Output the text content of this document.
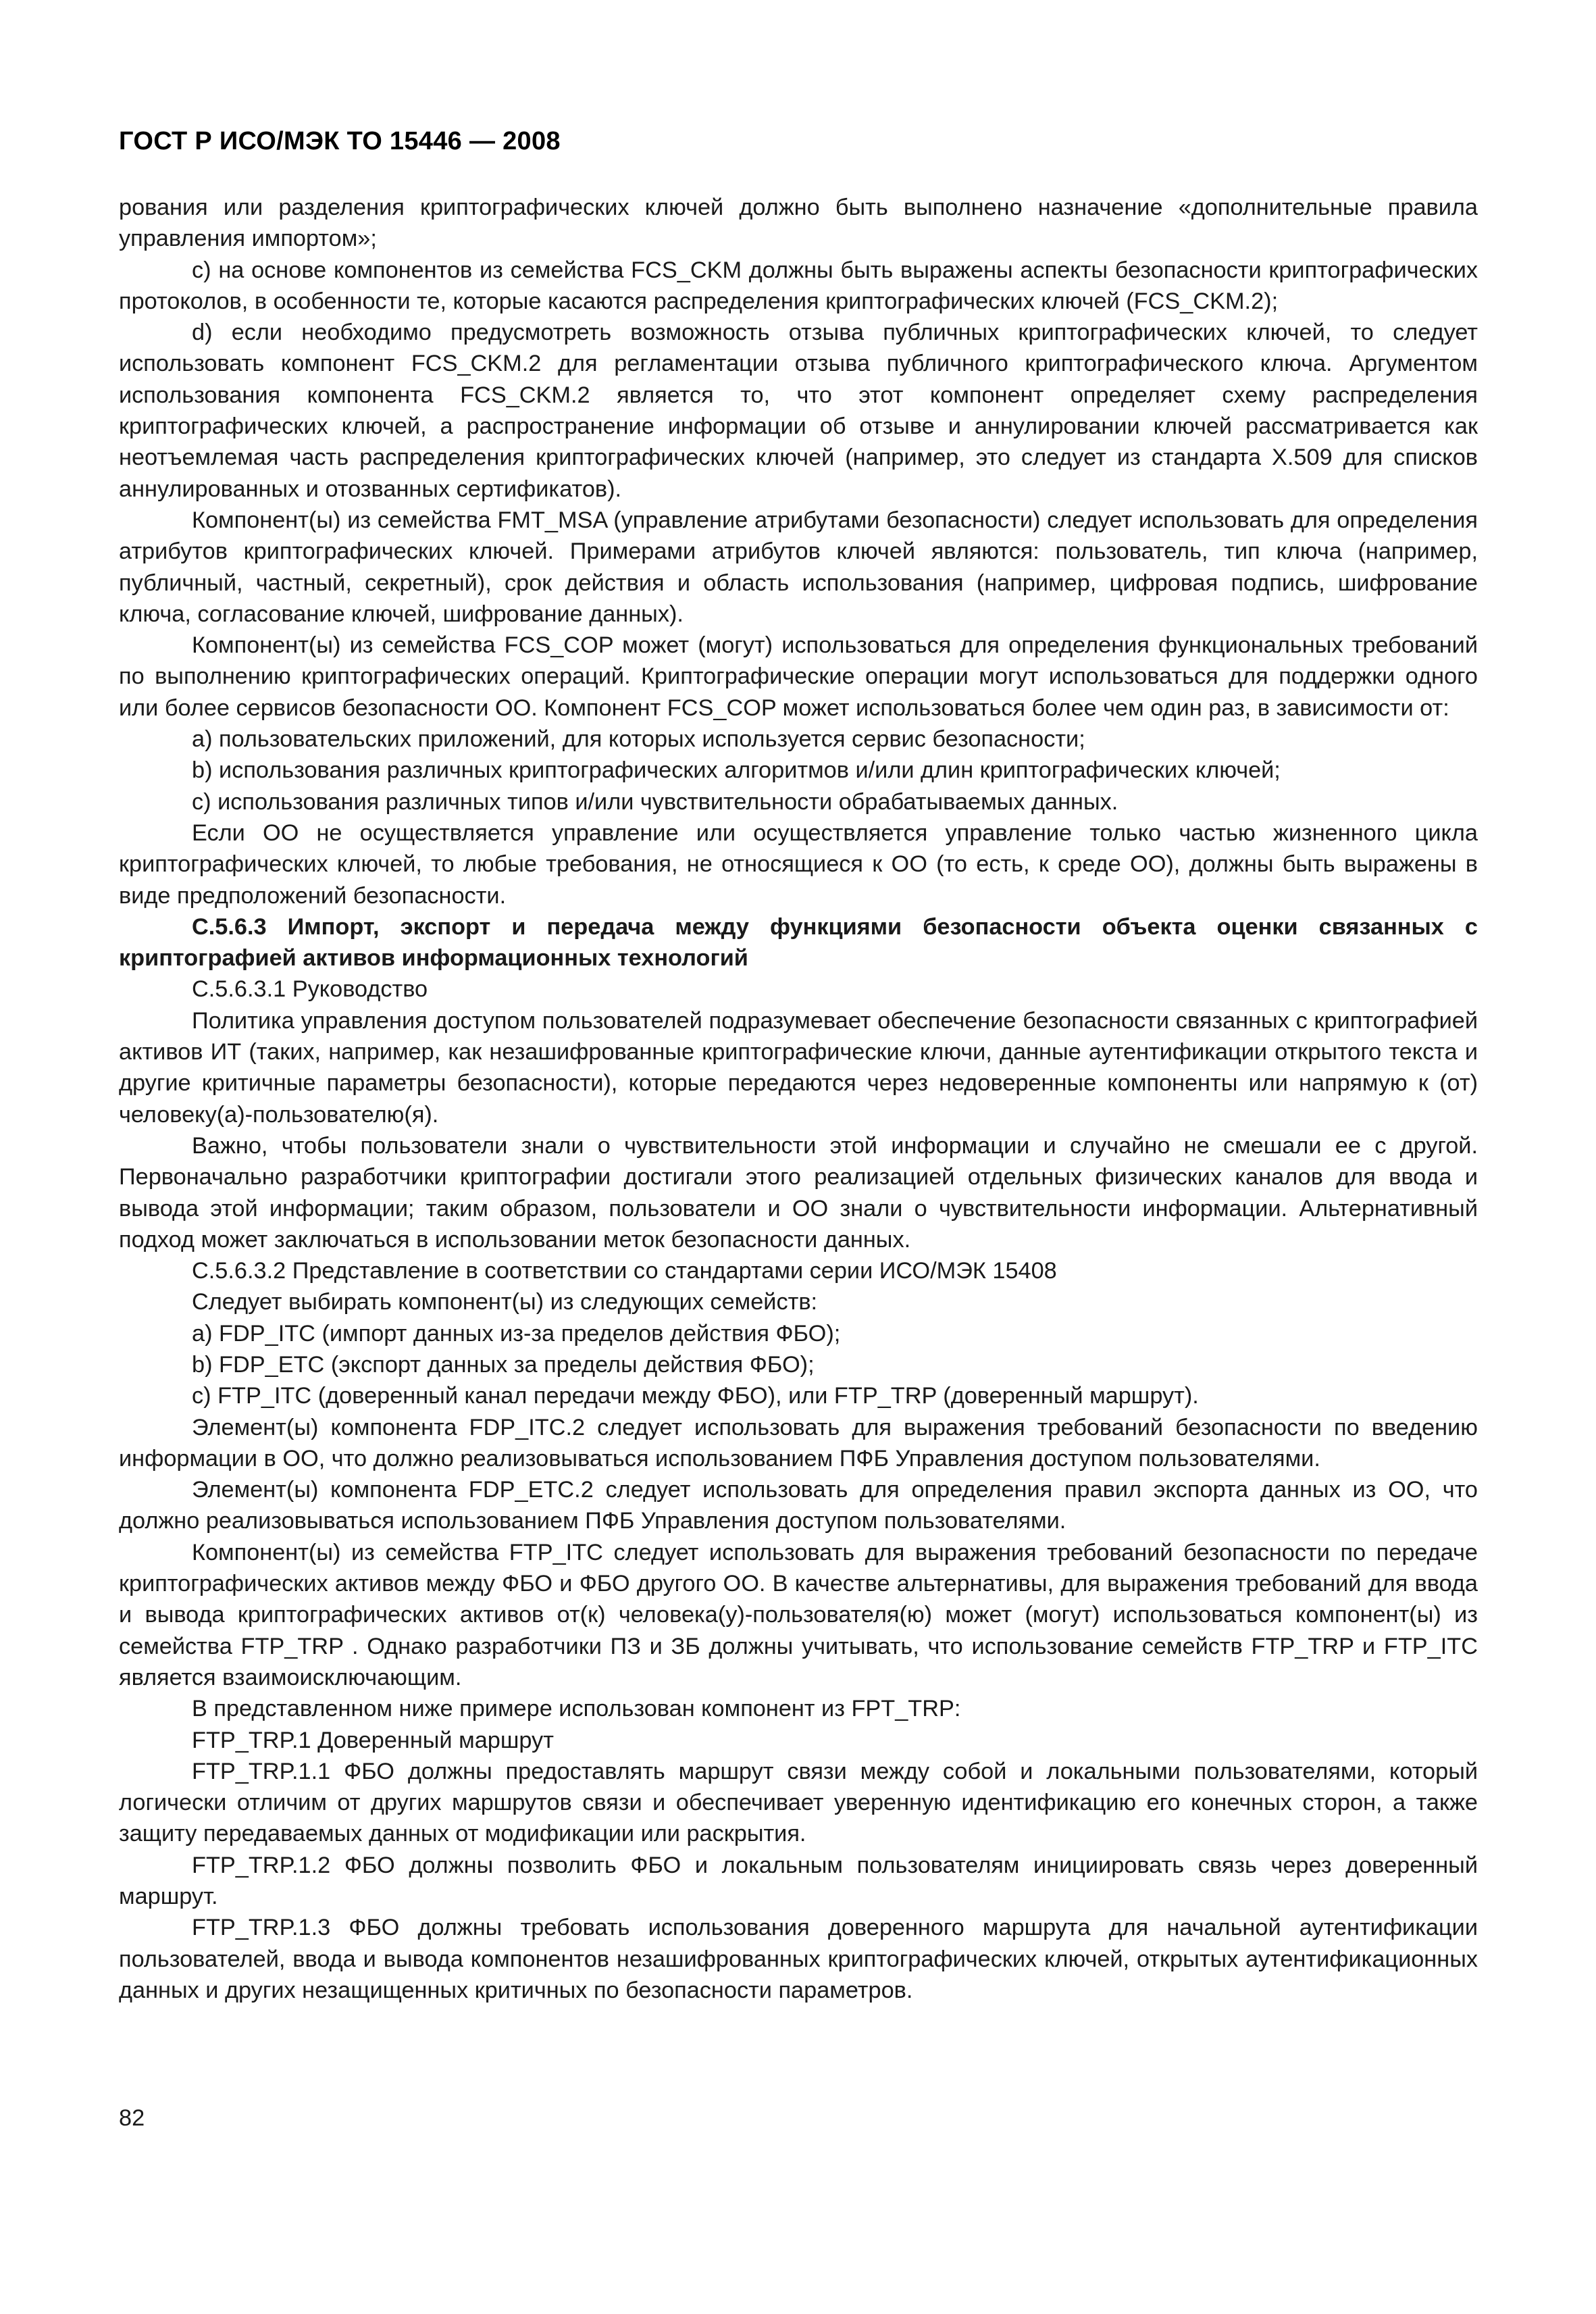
ГОСТ Р ИСО/МЭК ТО 15446 — 2008

рования или разделения криптографических ключей должно быть выполнено назначение «дополнительные правила управления импортом»;

c) на основе компонентов из семейства FCS_CKM должны быть выражены аспекты безопасности криптографических протоколов, в особенности те, которые касаются распределения криптографических ключей (FCS_CKM.2);

d) если необходимо предусмотреть возможность отзыва публичных криптографических ключей, то следует использовать компонент FCS_CKM.2 для регламентации отзыва публичного криптографического ключа. Аргументом использования компонента FCS_CKM.2 является то, что этот компонент определяет схему распределения криптографических ключей, а распространение информации об отзыве и аннулировании ключей рассматривается как неотъемлемая часть распределения криптографических ключей (например, это следует из стандарта X.509 для списков аннулированных и отозванных сертификатов).

Компонент(ы) из семейства FMT_MSA (управление атрибутами безопасности) следует использовать для определения атрибутов криптографических ключей. Примерами атрибутов ключей являются: пользователь, тип ключа (например, публичный, частный, секретный), срок действия и область использования (например, цифровая подпись, шифрование ключа, согласование ключей, шифрование данных).

Компонент(ы) из семейства FCS_COP может (могут) использоваться для определения функциональных требований по выполнению криптографических операций. Криптографические операции могут использоваться для поддержки одного или более сервисов безопасности ОО. Компонент FCS_COP может использоваться более чем один раз, в зависимости от:

a) пользовательских приложений, для которых используется сервис безопасности;

b) использования различных криптографических алгоритмов и/или длин криптографических ключей;

c) использования различных типов и/или чувствительности обрабатываемых данных.

Если ОО не осуществляется управление или осуществляется управление только частью жизненного цикла криптографических ключей, то любые требования, не относящиеся к ОО (то есть, к среде ОО), должны быть выражены в виде предположений безопасности.

C.5.6.3 Импорт, экспорт и передача между функциями безопасности объекта оценки связанных с криптографией активов информационных технологий

C.5.6.3.1 Руководство

Политика управления доступом пользователей подразумевает обеспечение безопасности связанных с криптографией активов ИТ (таких, например, как незашифрованные криптографические ключи, данные аутентификации открытого текста и другие критичные параметры безопасности), которые передаются через недоверенные компоненты или напрямую к (от) человеку(а)-пользователю(я).

Важно, чтобы пользователи знали о чувствительности этой информации и случайно не смешали ее с другой. Первоначально разработчики криптографии достигали этого реализацией отдельных физических каналов для ввода и вывода этой информации; таким образом, пользователи и ОО знали о чувствительности информации. Альтернативный подход может заключаться в использовании меток безопасности данных.

C.5.6.3.2 Представление в соответствии со стандартами серии ИСО/МЭК 15408

Следует выбирать компонент(ы) из следующих семейств:

a) FDP_ITC (импорт данных из-за пределов действия ФБО);

b) FDP_ETC (экспорт данных за пределы действия ФБО);

c) FTP_ITC (доверенный канал передачи между ФБО), или FTP_TRP (доверенный маршрут).

Элемент(ы) компонента FDP_ITC.2 следует использовать для выражения требований безопасности по введению информации в ОО, что должно реализовываться использованием ПФБ Управления доступом пользователями.

Элемент(ы) компонента FDP_ETC.2 следует использовать для определения правил экспорта данных из ОО, что должно реализовываться использованием ПФБ Управления доступом пользователями.

Компонент(ы) из семейства FTP_ITC следует использовать для выражения требований безопасности по передаче криптографических активов между ФБО и ФБО другого ОО. В качестве альтернативы, для выражения требований для ввода и вывода криптографических активов от(к) человека(у)-пользователя(ю) может (могут) использоваться компонент(ы) из семейства FTP_TRP . Однако разработчики ПЗ и ЗБ должны учитывать, что использование семейств FTP_TRP и FTP_ITC является взаимоисключающим.

В представленном ниже примере использован компонент из FPT_TRP:

FTP_TRP.1 Доверенный маршрут

FTP_TRP.1.1 ФБО должны предоставлять маршрут связи между собой и локальными пользователями, который логически отличим от других маршрутов связи и обеспечивает уверенную идентификацию его конечных сторон, а также защиту передаваемых данных от модификации или раскрытия.

FTP_TRP.1.2 ФБО должны позволить ФБО и локальным пользователям инициировать связь через доверенный маршрут.

FTP_TRP.1.3 ФБО должны требовать использования доверенного маршрута для начальной аутентификации пользователей, ввода и вывода компонентов незашифрованных криптографических ключей, открытых аутентификационных данных и других незащищенных критичных по безопасности параметров.

82
